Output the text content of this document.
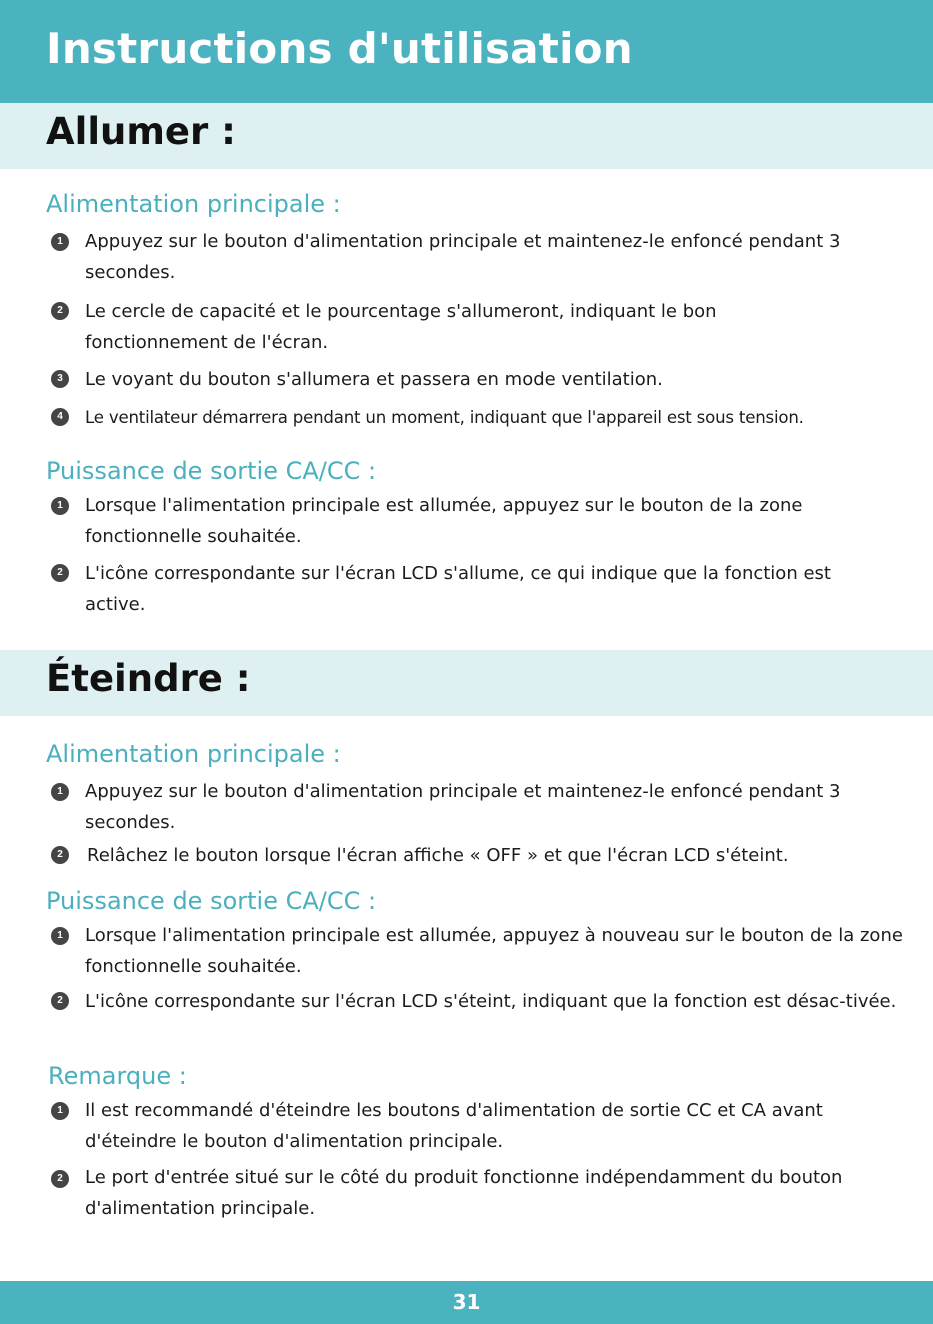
Instructions d'utilisation
Allumer :
Alimentation principale :
1	Appuyez sur le bouton d'alimentation principale et maintenez-le enfoncé pendant 3 secondes.
2	Le cercle de capacité et le pourcentage s'allumeront, indiquant le bon fonctionnement de l'écran.
3	Le voyant du bouton s'allumera et passera en mode ventilation.
4	Le ventilateur démarrera pendant un moment, indiquant que l'appareil est sous tension.
Puissance de sortie CA/CC :
1	Lorsque l'alimentation principale est allumée, appuyez sur le bouton de la zone fonctionnelle souhaitée.
2	L'icône correspondante sur l'écran LCD s'allume, ce qui indique que la fonction est active.
Éteindre :
Alimentation principale :
1	Appuyez sur le bouton d'alimentation principale et maintenez-le enfoncé pendant 3 secondes.
2	Relâchez le bouton lorsque l'écran affiche « OFF » et que l'écran LCD s'éteint.
Puissance de sortie CA/CC :
1	Lorsque l'alimentation principale est allumée, appuyez à nouveau sur le bouton de la zone fonctionnelle souhaitée.
2	L'icône correspondante sur l'écran LCD s'éteint, indiquant que la fonction est désac-tivée.
Remarque :
1	Il est recommandé d'éteindre les boutons d'alimentation de sortie CC et CA avant d'éteindre le bouton d'alimentation principale.
2	Le port d'entrée situé sur le côté du produit fonctionne indépendamment du bouton d'alimentation principale.
31
